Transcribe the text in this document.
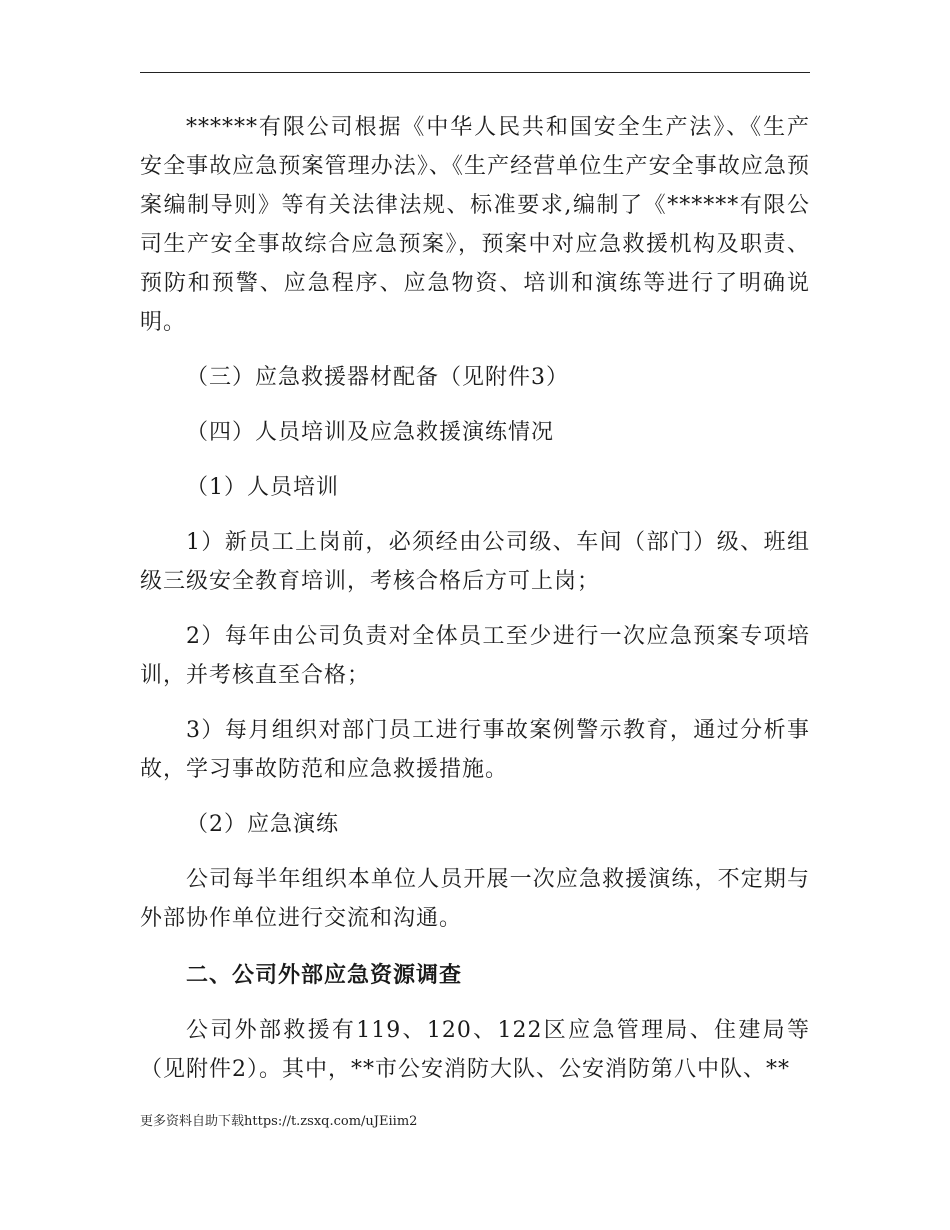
******有限公司根据《中华人民共和国安全生产法》、《生产安全事故应急预案管理办法》、《生产经营单位生产安全事故应急预案编制导则》等有关法律法规、标准要求,编制了《******有限公司生产安全事故综合应急预案》，预案中对应急救援机构及职责、预防和预警、应急程序、应急物资、培训和演练等进行了明确说明。

（三）应急救援器材配备（见附件3）

（四）人员培训及应急救援演练情况

（1）人员培训

1）新员工上岗前，必须经由公司级、车间（部门）级、班组级三级安全教育培训，考核合格后方可上岗；

2）每年由公司负责对全体员工至少进行一次应急预案专项培训，并考核直至合格；

3）每月组织对部门员工进行事故案例警示教育，通过分析事故，学习事故防范和应急救援措施。

（2）应急演练

公司每半年组织本单位人员开展一次应急救援演练，不定期与外部协作单位进行交流和沟通。

二、公司外部应急资源调查

公司外部救援有119、120、122区应急管理局、住建局等（见附件2）。其中，**市公安消防大队、公安消防第八中队、**

更多资料自助下载https://t.zsxq.com/uJEiim2
